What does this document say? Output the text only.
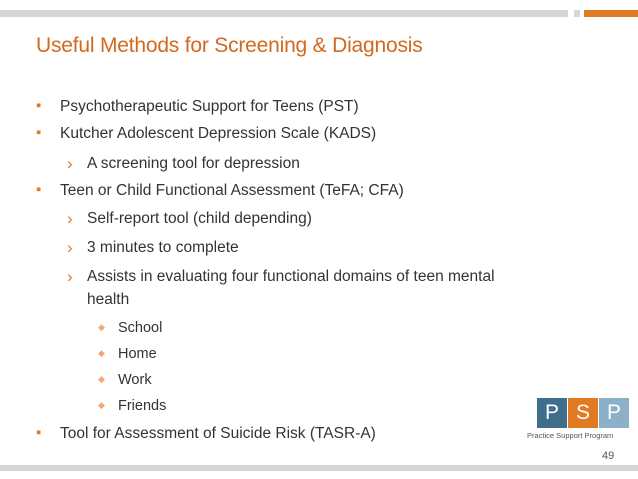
Useful Methods for Screening & Diagnosis
▪ Psychotherapeutic Support for Teens (PST)
▪ Kutcher Adolescent Depression Scale (KADS)
› A screening tool for depression
▪ Teen or Child Functional Assessment (TeFA; CFA)
› Self-report tool (child depending)
› 3 minutes to complete
› Assists in evaluating four functional domains of teen mental
health
◆ School
◆ Home
◆ Work
◆ Friends
▪ Tool for Assessment of Suicide Risk (TASR-A)
P S P
Practice Support Program
49
